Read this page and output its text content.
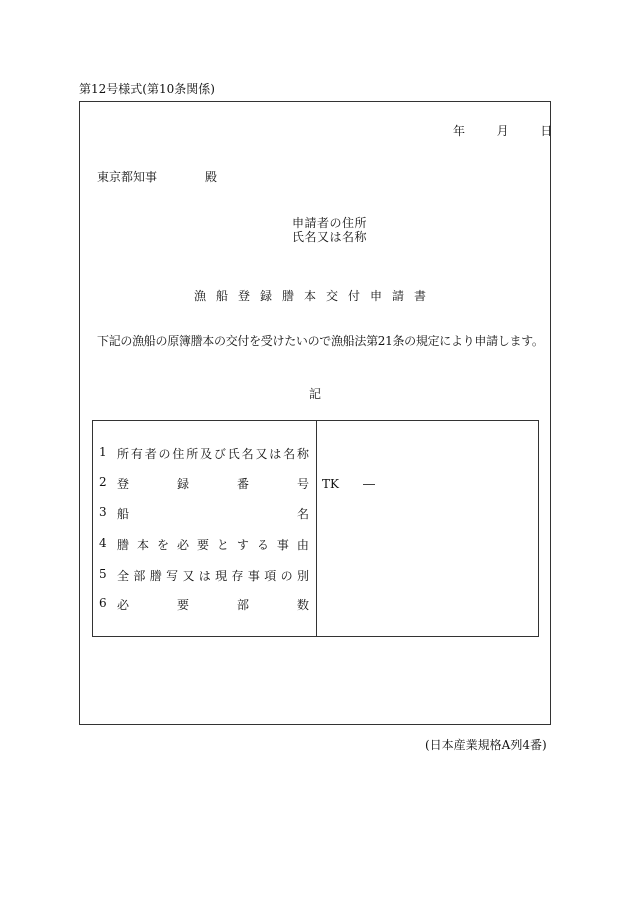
第12号様式(第10条関係)
年	月	日
東京都知事	殿
申請者の住所
氏名又は名称
漁船登録謄本交付申請書
下記の漁船の原簿謄本の交付を受けたいので漁船法第21条の規定により申請します。
記
1 所 有 者 の 住 所 及 び 氏 名 又 は 名 称
2 登	録	番	号 TK　　―
3 船	名
4 謄 本 を 必 要 と す る 事 由
5 全 部 謄 写 又 は 現 存 事 項 の 別
6 必	要	部	数
(日本産業規格A列4番)
